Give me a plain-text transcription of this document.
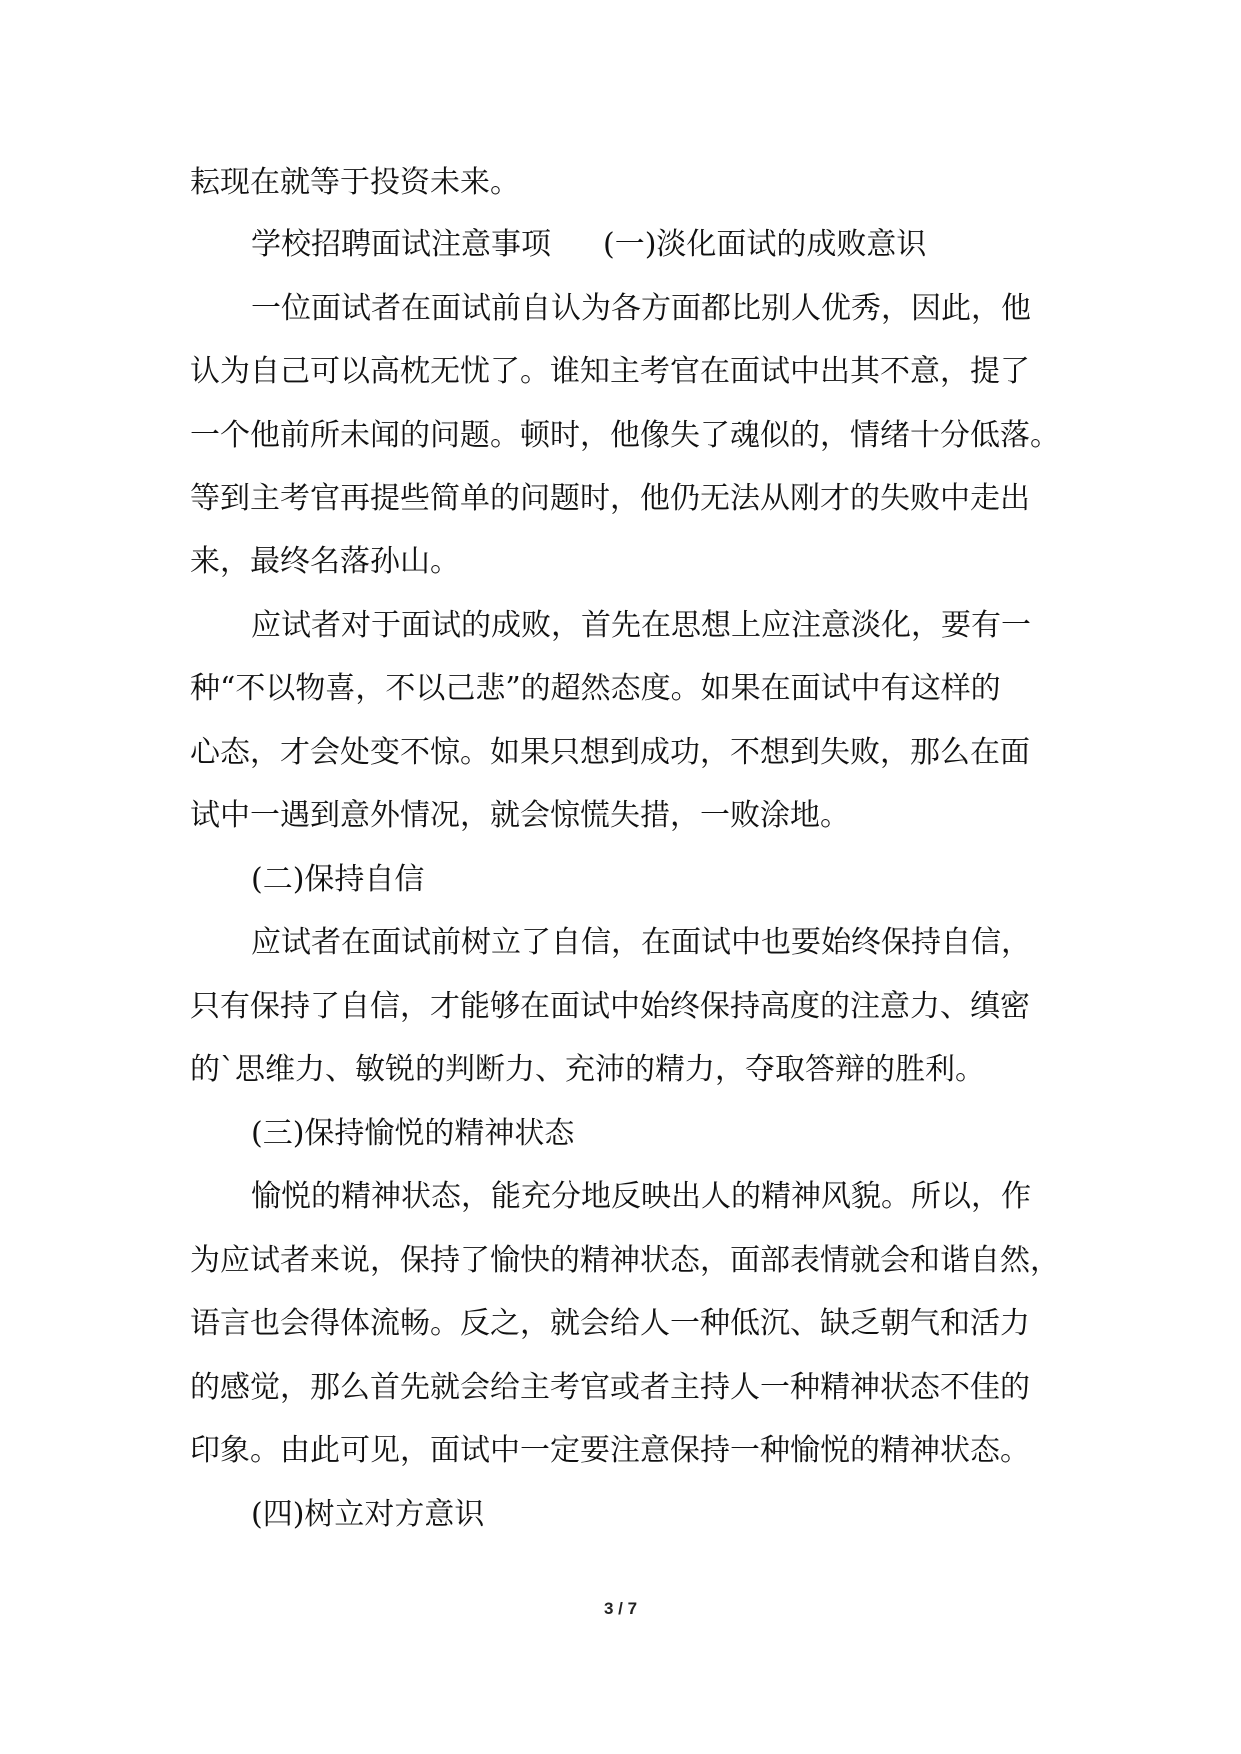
耘现在就等于投资未来。
学校招聘面试注意事项 (一)淡化面试的成败意识
一位面试者在面试前自认为各方面都比别人优秀，因此，他
认为自己可以高枕无忧了。谁知主考官在面试中出其不意，提了
一个他前所未闻的问题。顿时，他像失了魂似的，情绪十分低落。
等到主考官再提些简单的问题时，他仍无法从刚才的失败中走出
来，最终名落孙山。
应试者对于面试的成败，首先在思想上应注意淡化，要有一
种“不以物喜，不以己悲”的超然态度。如果在面试中有这样的
心态，才会处变不惊。如果只想到成功，不想到失败，那么在面
试中一遇到意外情况，就会惊慌失措，一败涂地。
(二)保持自信
应试者在面试前树立了自信，在面试中也要始终保持自信，
只有保持了自信，才能够在面试中始终保持高度的注意力、缜密
的`思维力、敏锐的判断力、充沛的精力，夺取答辩的胜利。
(三)保持愉悦的精神状态
愉悦的精神状态，能充分地反映出人的精神风貌。所以，作
为应试者来说，保持了愉快的精神状态，面部表情就会和谐自然，
语言也会得体流畅。反之，就会给人一种低沉、缺乏朝气和活力
的感觉，那么首先就会给主考官或者主持人一种精神状态不佳的
印象。由此可见，面试中一定要注意保持一种愉悦的精神状态。
(四)树立对方意识
3 / 7
